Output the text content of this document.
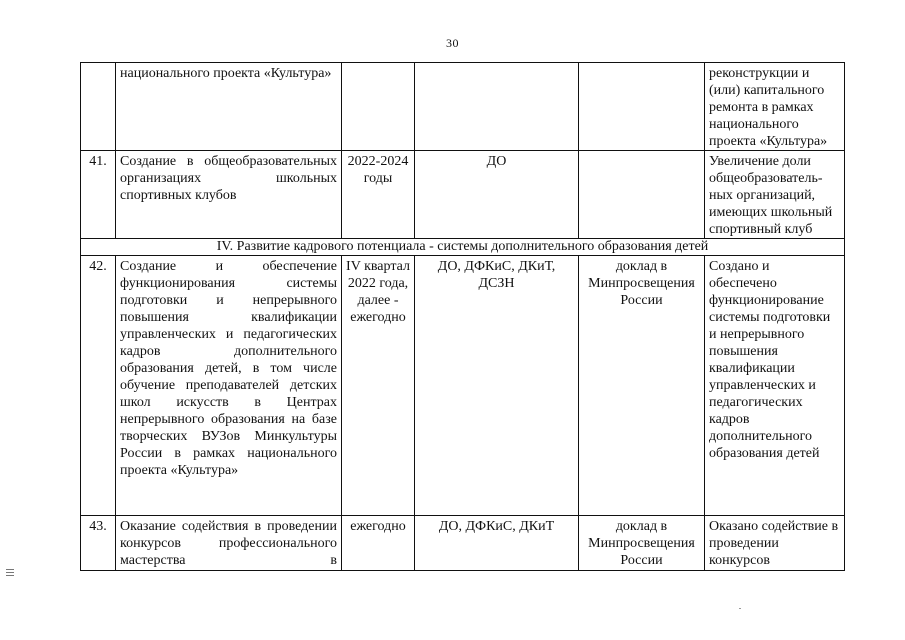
30
	национального проекта «Культура»				реконструкции и (или) капитального ремонта в рамках национального проекта «Культура»
41.	Создание в общеобразовательных организациях школьных спортивных клубов	2022-2024 годы	ДО		Увеличение доли общеобразователь-ных организаций, имеющих школьный спортивный клуб
IV. Развитие кадрового потенциала - системы дополнительного образования детей					
42.	Создание и обеспечение функционирования системы подготовки и непрерывного повышения квалификации управленческих и педагогических кадров дополнительного образования детей, в том числе обучение преподавателей детских школ искусств в Центрах непрерывного образования на базе творческих ВУЗов Минкультуры России в рамках национального проекта «Культура»	IV квартал 2022 года, далее - ежегодно	ДО, ДФКиС, ДКиТ, ДСЗН	доклад в Минпросвещения России	Создано и обеспечено функционирование системы подготовки и непрерывного повышения квалификации управленческих и педагогических кадров дополнительного образования детей
43.	Оказание содействия в проведении конкурсов профессионального мастерства в	ежегодно	ДО, ДФКиС, ДКиТ	доклад в Минпросвещения России	Оказано содействие в проведении конкурсов
